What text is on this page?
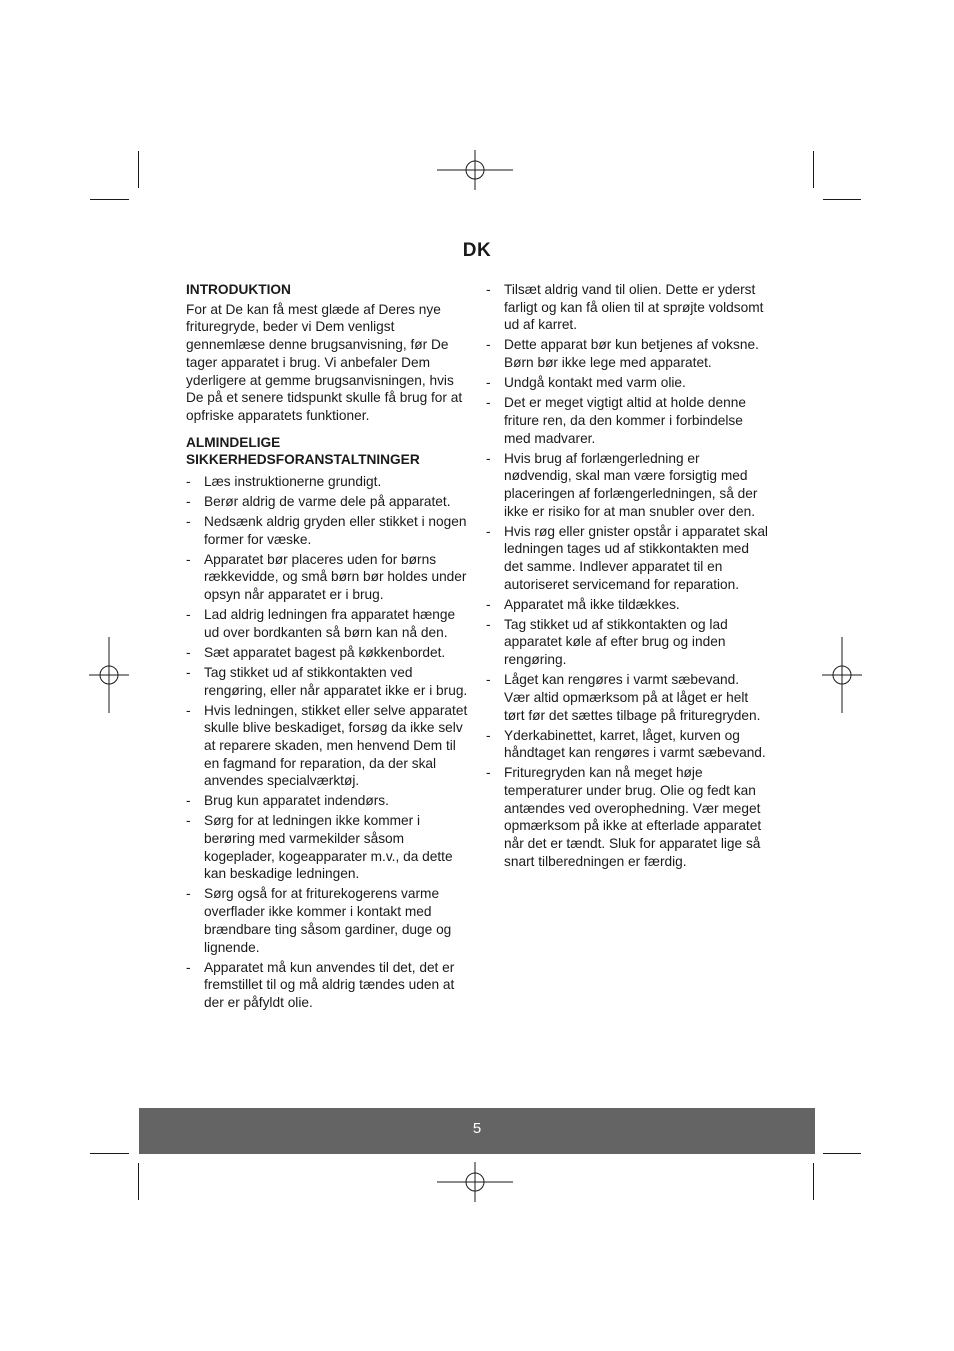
DK
INTRODUKTION

For at De kan få mest glæde af Deres nye frituregryde, beder vi Dem venligst gennemlæse denne brugsanvisning, før De tager apparatet i brug. Vi anbefaler Dem yderligere at gemme brugsanvisningen, hvis De på et senere tidspunkt skulle få brug for at opfriske apparatets funktioner.

ALMINDELIGE
SIKKERHEDSFORANSTALTNINGER
- Læs instruktionerne grundigt.
- Berør aldrig de varme dele på apparatet.
- Nedsænk aldrig gryden eller stikket i nogen former for væske.
- Apparatet bør placeres uden for børns rækkevidde, og små børn bør holdes under opsyn når apparatet er i brug.
- Lad aldrig ledningen fra apparatet hænge ud over bordkanten så børn kan nå den.
- Sæt apparatet bagest på køkkenbordet.
- Tag stikket ud af stikkontakten ved rengøring, eller når apparatet ikke er i brug.
- Hvis ledningen, stikket eller selve apparatet skulle blive beskadiget, forsøg da ikke selv at reparere skaden, men henvend Dem til en fagmand for reparation, da der skal anvendes specialværktøj.
- Brug kun apparatet indendørs.
- Sørg for at ledningen ikke kommer i berøring med varmekilder såsom kogeplader, kogeapparater m.v., da dette kan beskadige ledningen.
- Sørg også for at friturekogerens varme overflader ikke kommer i kontakt med brændbare ting såsom gardiner, duge og lignende.
- Apparatet må kun anvendes til det, det er fremstillet til og må aldrig tændes uden at der er påfyldt olie.
- Tilsæt aldrig vand til olien. Dette er yderst farligt og kan få olien til at sprøjte voldsomt ud af karret.
- Dette apparat bør kun betjenes af voksne. Børn bør ikke lege med apparatet.
- Undgå kontakt med varm olie.
- Det er meget vigtigt altid at holde denne friture ren, da den kommer i forbindelse med madvarer.
- Hvis brug af forlængerledning er nødvendig, skal man være forsigtig med placeringen af forlængerledningen, så der ikke er risiko for at man snubler over den.
- Hvis røg eller gnister opstår i apparatet skal ledningen tages ud af stikkontakten med det samme. Indlever apparatet til en autoriseret servicemand for reparation.
- Apparatet må ikke tildækkes.
- Tag stikket ud af stikkontakten og lad apparatet køle af efter brug og inden rengøring.
- Låget kan rengøres i varmt sæbevand. Vær altid opmærksom på at låget er helt tørt før det sættes tilbage på frituregryden.
- Yderkabinettet, karret, låget, kurven og håndtaget kan rengøres i varmt sæbevand.
- Frituregryden kan nå meget høje temperaturer under brug. Olie og fedt kan antændes ved overophedning. Vær meget opmærksom på ikke at efterlade apparatet når det er tændt. Sluk for apparatet lige så snart tilberedningen er færdig.
5
